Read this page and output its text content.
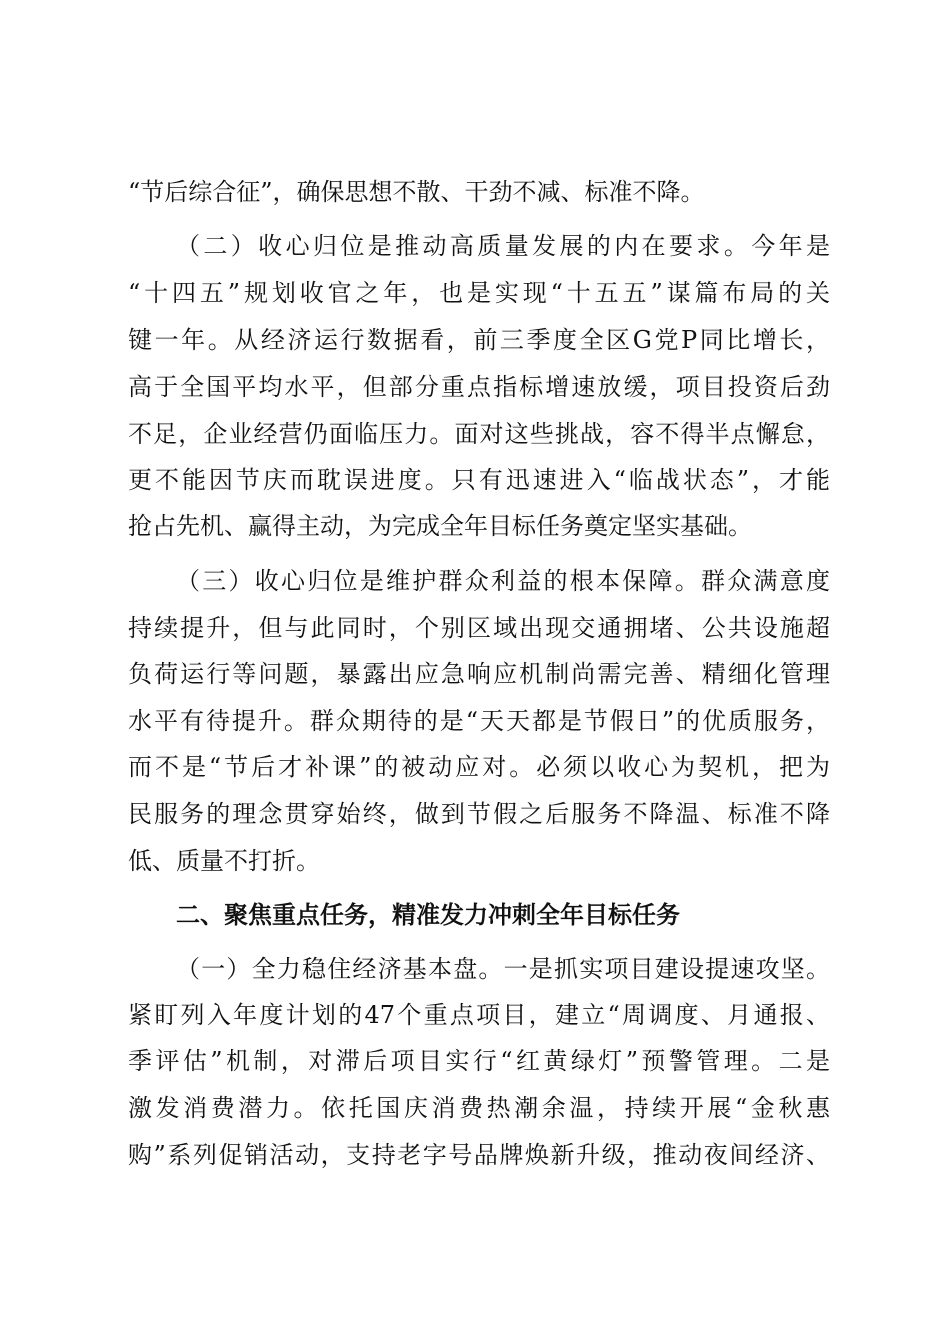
“节后综合征”，确保思想不散、干劲不减、标准不降。
（二）收心归位是推动高质量发展的内在要求。今年是
“十四五”规划收官之年，也是实现“十五五”谋篇布局的关
键一年。从经济运行数据看，前三季度全区G党P同比增长，
高于全国平均水平，但部分重点指标增速放缓，项目投资后劲
不足，企业经营仍面临压力。面对这些挑战，容不得半点懈怠，
更不能因节庆而耽误进度。只有迅速进入“临战状态”，才能
抢占先机、赢得主动，为完成全年目标任务奠定坚实基础。
（三）收心归位是维护群众利益的根本保障。群众满意度
持续提升，但与此同时，个别区域出现交通拥堵、公共设施超
负荷运行等问题，暴露出应急响应机制尚需完善、精细化管理
水平有待提升。群众期待的是“天天都是节假日”的优质服务，
而不是“节后才补课”的被动应对。必须以收心为契机，把为
民服务的理念贯穿始终，做到节假之后服务不降温、标准不降
低、质量不打折。
二、聚焦重点任务，精准发力冲刺全年目标任务
（一）全力稳住经济基本盘。一是抓实项目建设提速攻坚。
紧盯列入年度计划的47个重点项目，建立“周调度、月通报、
季评估”机制，对滞后项目实行“红黄绿灯”预警管理。二是
激发消费潜力。依托国庆消费热潮余温，持续开展“金秋惠
购”系列促销活动，支持老字号品牌焕新升级，推动夜间经济、
